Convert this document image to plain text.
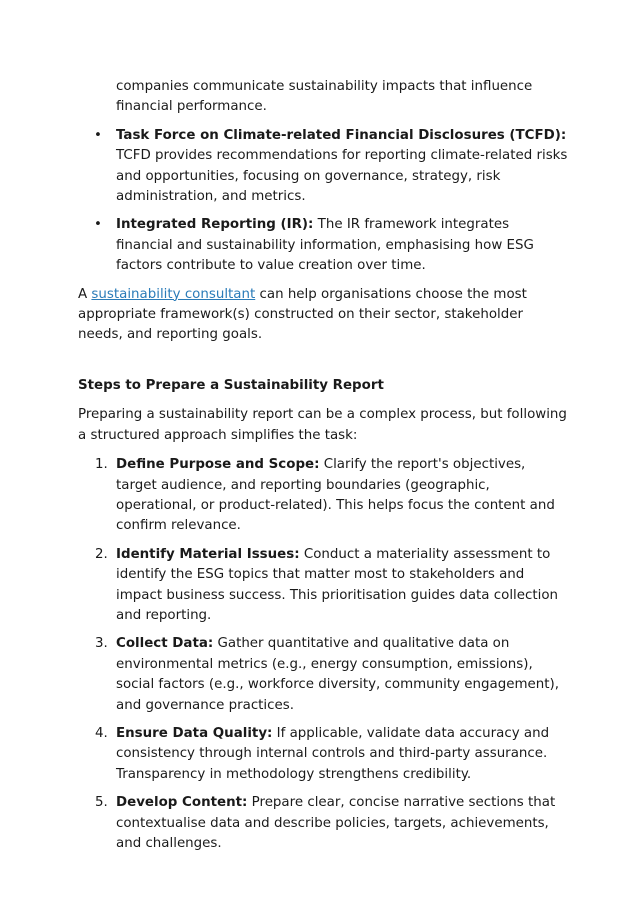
companies communicate sustainability impacts that influence financial performance.

• Task Force on Climate-related Financial Disclosures (TCFD): TCFD provides recommendations for reporting climate-related risks and opportunities, focusing on governance, strategy, risk administration, and metrics.
• Integrated Reporting (IR): The IR framework integrates financial and sustainability information, emphasising how ESG factors contribute to value creation over time.

A sustainability consultant can help organisations choose the most appropriate framework(s) constructed on their sector, stakeholder needs, and reporting goals.

Steps to Prepare a Sustainability Report

Preparing a sustainability report can be a complex process, but following a structured approach simplifies the task:

1. Define Purpose and Scope: Clarify the report's objectives, target audience, and reporting boundaries (geographic, operational, or product-related). This helps focus the content and confirm relevance.
2. Identify Material Issues: Conduct a materiality assessment to identify the ESG topics that matter most to stakeholders and impact business success. This prioritisation guides data collection and reporting.
3. Collect Data: Gather quantitative and qualitative data on environmental metrics (e.g., energy consumption, emissions), social factors (e.g., workforce diversity, community engagement), and governance practices.
4. Ensure Data Quality: If applicable, validate data accuracy and consistency through internal controls and third-party assurance. Transparency in methodology strengthens credibility.
5. Develop Content: Prepare clear, concise narrative sections that contextualise data and describe policies, targets, achievements, and challenges.
